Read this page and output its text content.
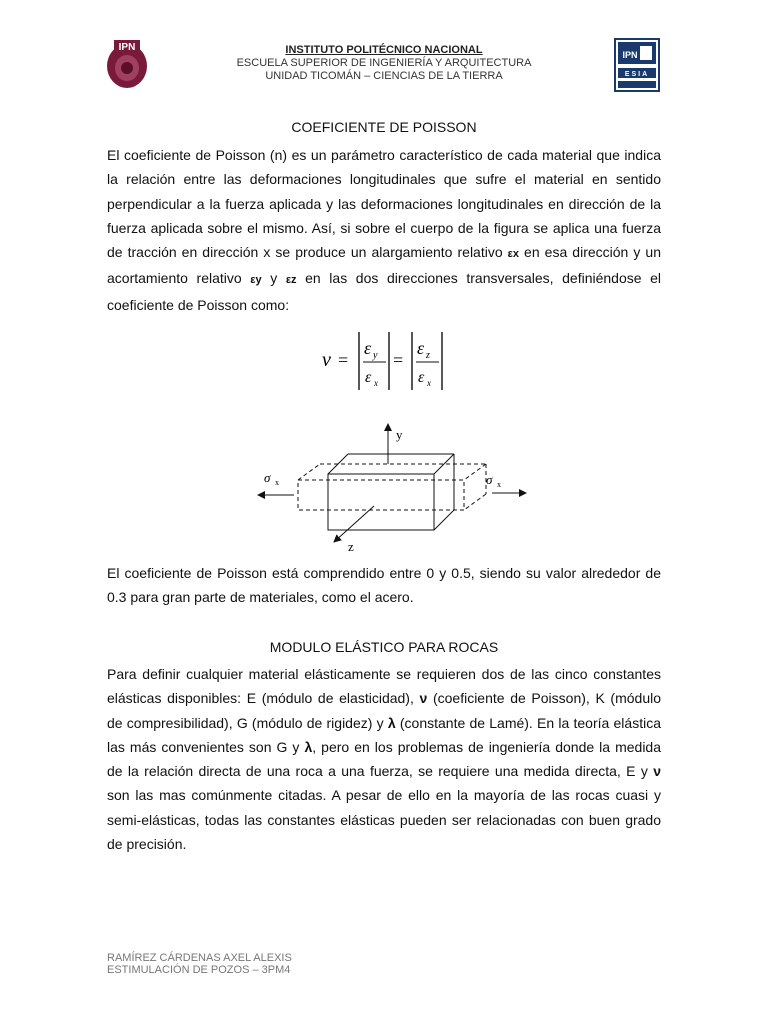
IPN	INSTITUTO POLITÉCNICO NACIONAL
ESCUELA SUPERIOR DE INGENIERÍA Y ARQUITECTURA
UNIDAD TICOMÁN – CIENCIAS DE LA TIERRA
IPN
ESIA
COEFICIENTE DE POISSON

El coeficiente de Poisson (n) es un parámetro característico de cada material que indica la relación entre las deformaciones longitudinales que sufre el material en sentido perpendicular a la fuerza aplicada y las deformaciones longitudinales en dirección de la fuerza aplicada sobre el mismo. Así, si sobre el cuerpo de la figura se aplica una fuerza de tracción en dirección x se produce un alargamiento relativo εx en esa dirección y un acortamiento relativo εy y εz en las dos direcciones transversales, definiéndose el coeficiente de Poisson como:

ν =
ε y
ε x
=
ε z
ε x
y
z
σ x	σ x

El coeficiente de Poisson está comprendido entre 0 y 0.5, siendo su valor alrededor de 0.3 para gran parte de materiales, como el acero.

MODULO ELÁSTICO PARA ROCAS

Para definir cualquier material elásticamente se requieren dos de las cinco constantes elásticas disponibles: E (módulo de elasticidad), ν (coeficiente de Poisson), K (módulo de compresibilidad), G (módulo de rigidez) y λ (constante de Lamé). En la teoría elástica las más convenientes son G y λ, pero en los problemas de ingeniería donde la medida de la relación directa de una roca a una fuerza, se requiere una medida directa, E y ν son las mas comúnmente citadas. A pesar de ello en la mayoría de las rocas cuasi y semi-elásticas, todas las constantes elásticas pueden ser relacionadas con buen grado de precisión.

RAMÍREZ CÁRDENAS AXEL ALEXIS
ESTIMULACIÓN DE POZOS – 3PM4
